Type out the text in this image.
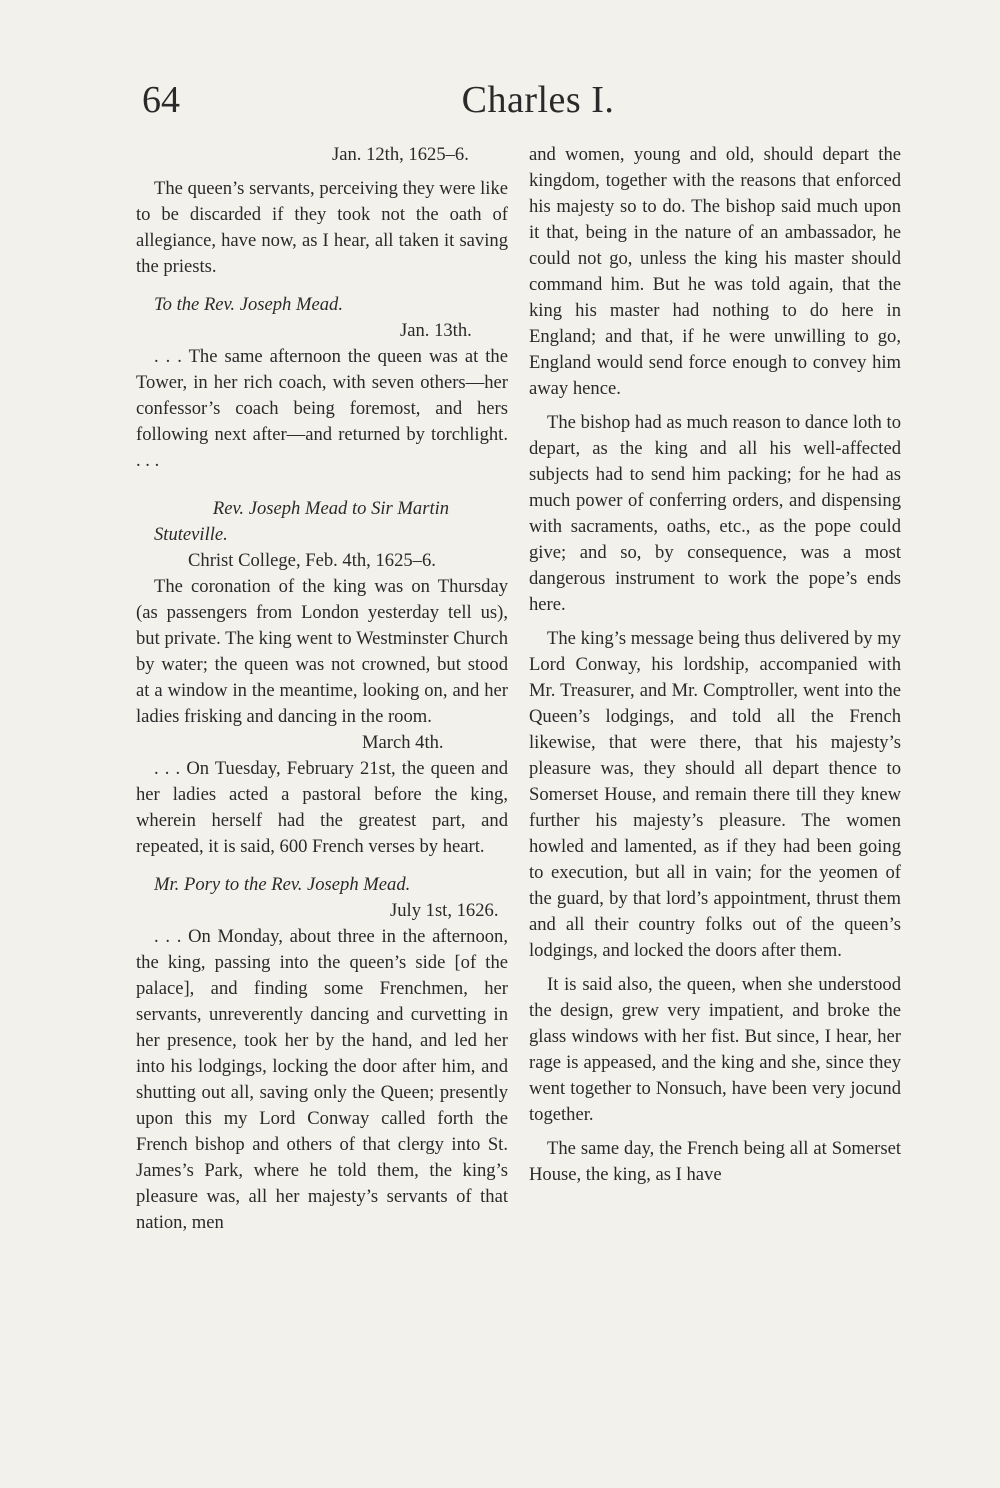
64	Charles I.

Jan. 12th, 1625–6.

The queen’s servants, perceiving they were like to be discarded if they took not the oath of allegiance, have now, as I hear, all taken it saving the priests.

To the Rev. Joseph Mead.

Jan. 13th.

. . . The same afternoon the queen was at the Tower, in her rich coach, with seven others—her confessor’s coach being foremost, and hers following next after—and returned by torchlight. . . .

Rev. Joseph Mead to Sir Martin

Stuteville.

Christ College, Feb. 4th, 1625–6.

The coronation of the king was on Thursday (as passengers from London yesterday tell us), but private. The king went to Westminster Church by water; the queen was not crowned, but stood at a window in the meantime, looking on, and her ladies frisking and dancing in the room.

March 4th.

. . . On Tuesday, February 21st, the queen and her ladies acted a pastoral before the king, wherein herself had the greatest part, and repeated, it is said, 600 French verses by heart.

Mr. Pory to the Rev. Joseph Mead.

July 1st, 1626.

. . . On Monday, about three in the afternoon, the king, passing into the queen’s side [of the palace], and finding some Frenchmen, her servants, unreverently dancing and curvetting in her presence, took her by the hand, and led her into his lodgings, locking the door after him, and shutting out all, saving only the Queen; presently upon this my Lord Conway called forth the French bishop and others of that clergy into St. James’s Park, where he told them, the king’s pleasure was, all her majesty’s servants of that nation, men

and women, young and old, should depart the kingdom, together with the reasons that enforced his majesty so to do. The bishop said much upon it that, being in the nature of an ambassador, he could not go, unless the king his master should command him. But he was told again, that the king his master had nothing to do here in England; and that, if he were unwilling to go, England would send force enough to convey him away hence.

The bishop had as much reason to dance loth to depart, as the king and all his well-affected subjects had to send him packing; for he had as much power of conferring orders, and dispensing with sacraments, oaths, etc., as the pope could give; and so, by consequence, was a most dangerous instrument to work the pope’s ends here.

The king’s message being thus delivered by my Lord Conway, his lordship, accompanied with Mr. Treasurer, and Mr. Comptroller, went into the Queen’s lodgings, and told all the French likewise, that were there, that his majesty’s pleasure was, they should all depart thence to Somerset House, and remain there till they knew further his majesty’s pleasure. The women howled and lamented, as if they had been going to execution, but all in vain; for the yeomen of the guard, by that lord’s appointment, thrust them and all their country folks out of the queen’s lodgings, and locked the doors after them.

It is said also, the queen, when she understood the design, grew very impatient, and broke the glass windows with her fist. But since, I hear, her rage is appeased, and the king and she, since they went together to Nonsuch, have been very jocund together.

The same day, the French being all at Somerset House, the king, as I have
